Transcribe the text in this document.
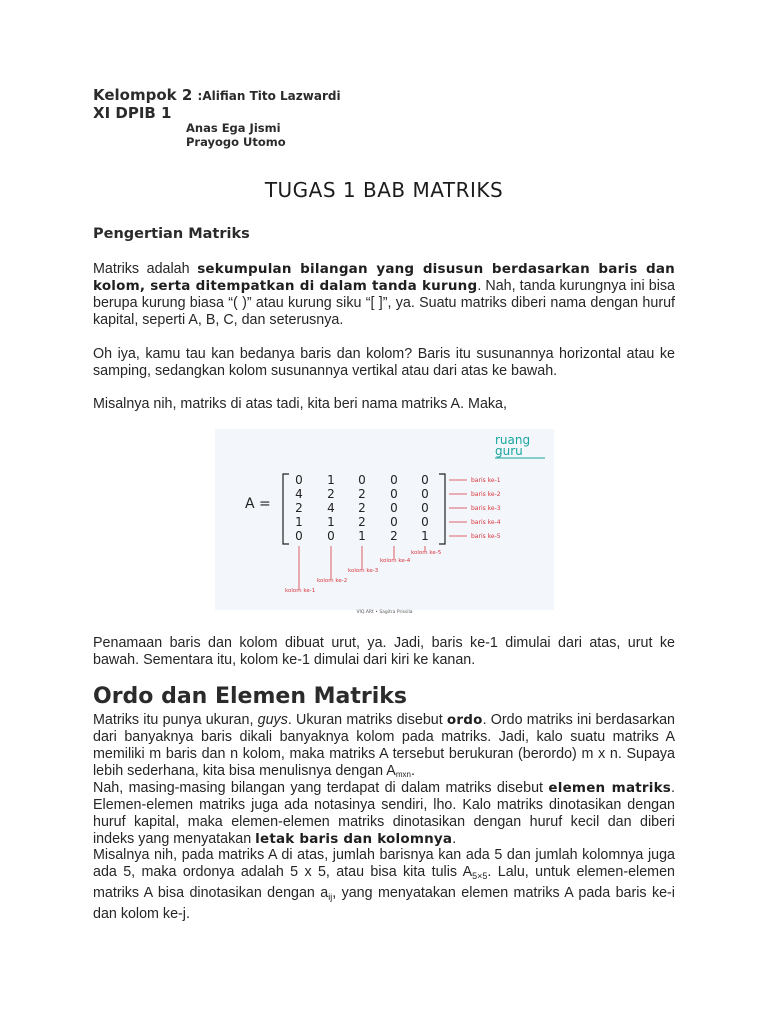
Kelompok 2 :Alifian Tito Lazwardi
XI DPIB 1
Anas Ega Jismi
Prayogo Utomo
TUGAS 1 BAB MATRIKS
Pengertian Matriks
Matriks adalah sekumpulan bilangan yang disusun berdasarkan baris dan kolom, serta ditempatkan di dalam tanda kurung. Nah, tanda kurungnya ini bisa berupa kurung biasa “( )” atau kurung siku “[ ]”, ya. Suatu matriks diberi nama dengan huruf kapital, seperti A, B, C, dan seterusnya.
Oh iya, kamu tau kan bedanya baris dan kolom? Baris itu susunannya horizontal atau ke samping, sedangkan kolom susunannya vertikal atau dari atas ke bawah.
Misalnya nih, matriks di atas tadi, kita beri nama matriks A. Maka,
ruang
guru
A =
0 1 0 0 0
4 2 2 0 0
2 4 2 0 0
1 1 2 0 0
0 0 1 2 1
baris ke-1
baris ke-2
baris ke-3
baris ke-4
baris ke-5
kolom ke-1
kolom ke-2
kolom ke-3
kolom ke-4
kolom ke-5
VIQ.ARt • Sagitra Prissila
Penamaan baris dan kolom dibuat urut, ya. Jadi, baris ke-1 dimulai dari atas, urut ke bawah. Sementara itu, kolom ke-1 dimulai dari kiri ke kanan.
Ordo dan Elemen Matriks
Matriks itu punya ukuran, guys. Ukuran matriks disebut ordo. Ordo matriks ini berdasarkan dari banyaknya baris dikali banyaknya kolom pada matriks. Jadi, kalo suatu matriks A memiliki m baris dan n kolom, maka matriks A tersebut berukuran (berordo) m x n. Supaya lebih sederhana, kita bisa menulisnya dengan $A_{mxn}$.
Nah, masing-masing bilangan yang terdapat di dalam matriks disebut elemen matriks. Elemen-elemen matriks juga ada notasinya sendiri, lho. Kalo matriks dinotasikan dengan huruf kapital, maka elemen-elemen matriks dinotasikan dengan huruf kecil dan diberi indeks yang menyatakan letak baris dan kolomnya.
Misalnya nih, pada matriks A di atas, jumlah barisnya kan ada 5 dan jumlah kolomnya juga ada 5, maka ordonya adalah 5 x 5, atau bisa kita tulis $A_{5\times 5}$. Lalu, untuk elemen-elemen matriks A bisa dinotasikan dengan $a_{ij}$, yang menyatakan elemen matriks A pada baris ke-i dan kolom ke-j.
